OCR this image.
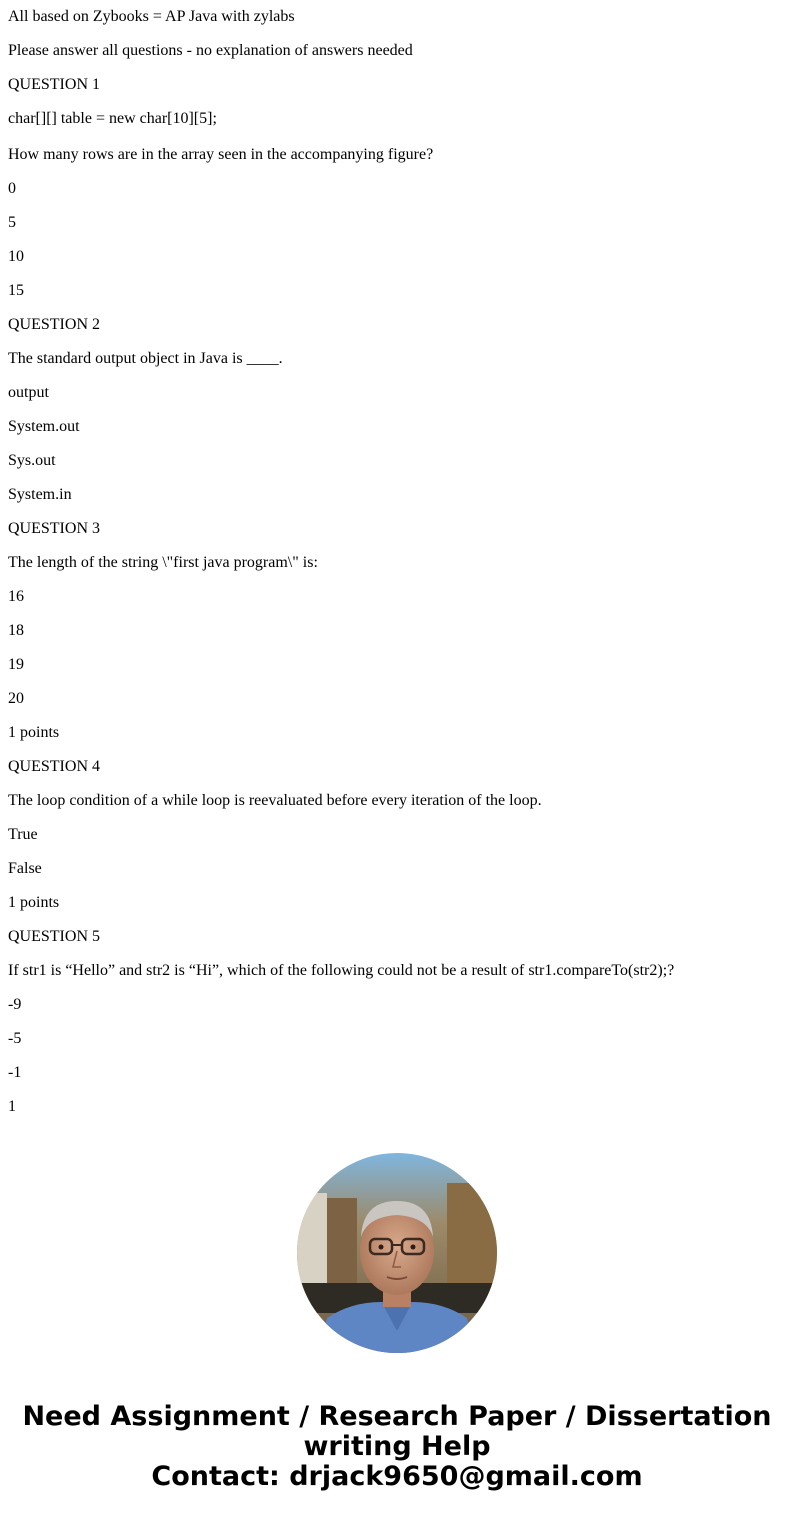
All based on Zybooks = AP Java with zylabs

Please answer all questions - no explanation of answers needed

QUESTION 1

char[][] table = new char[10][5];

How many rows are in the array seen in the accompanying figure?

0

5

10

15

QUESTION 2

The standard output object in Java is ____.

output

System.out

Sys.out

System.in

QUESTION 3

The length of the string \"first java program\" is:

16

18

19

20

1 points

QUESTION 4

The loop condition of a while loop is reevaluated before every iteration of the loop.

True

False

1 points

QUESTION 5

If str1 is “Hello” and str2 is “Hi”, which of the following could not be a result of str1.compareTo(str2);?

-9

-5

-1

1

Need Assignment / Research Paper / Dissertation
writing Help
Contact: drjack9650@gmail.com
